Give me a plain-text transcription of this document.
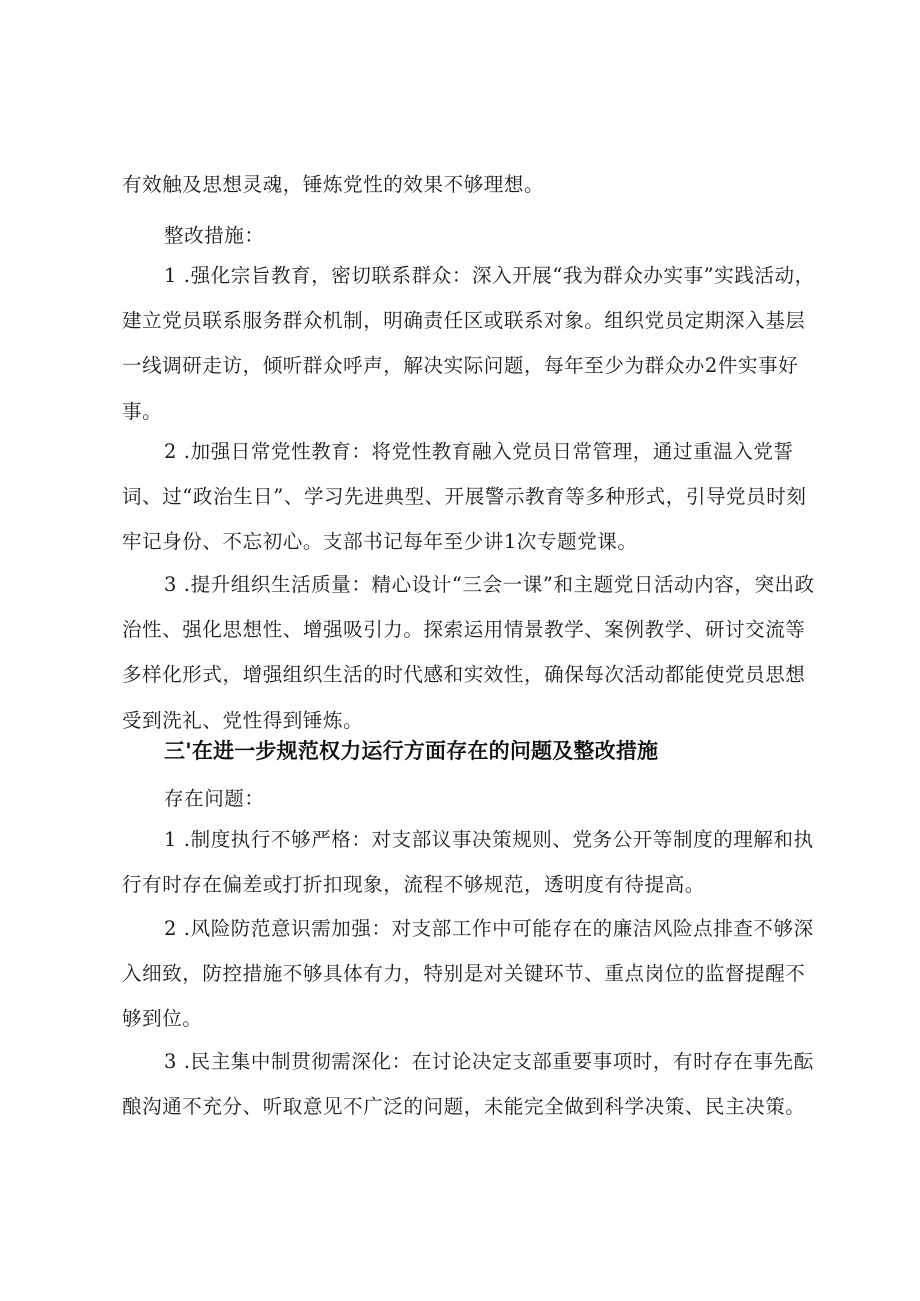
有效触及思想灵魂，锤炼党性的效果不够理想。

整改措施：

1 .强化宗旨教育，密切联系群众：深入开展“我为群众办实事”实践活动，建立党员联系服务群众机制，明确责任区或联系对象。组织党员定期深入基层一线调研走访，倾听群众呼声，解决实际问题，每年至少为群众办2件实事好事。

2 .加强日常党性教育：将党性教育融入党员日常管理，通过重温入党誓词、过“政治生日”、学习先进典型、开展警示教育等多种形式，引导党员时刻牢记身份、不忘初心。支部书记每年至少讲1次专题党课。

3 .提升组织生活质量：精心设计“三会一课”和主题党日活动内容，突出政治性、强化思想性、增强吸引力。探索运用情景教学、案例教学、研讨交流等多样化形式，增强组织生活的时代感和实效性，确保每次活动都能使党员思想受到洗礼、党性得到锤炼。

三'在进一步规范权力运行方面存在的问题及整改措施

存在问题：

1 .制度执行不够严格：对支部议事决策规则、党务公开等制度的理解和执行有时存在偏差或打折扣现象，流程不够规范，透明度有待提高。

2 .风险防范意识需加强：对支部工作中可能存在的廉洁风险点排查不够深入细致，防控措施不够具体有力，特别是对关键环节、重点岗位的监督提醒不够到位。

3 .民主集中制贯彻需深化：在讨论决定支部重要事项时，有时存在事先酝酿沟通不充分、听取意见不广泛的问题，未能完全做到科学决策、民主决策。
